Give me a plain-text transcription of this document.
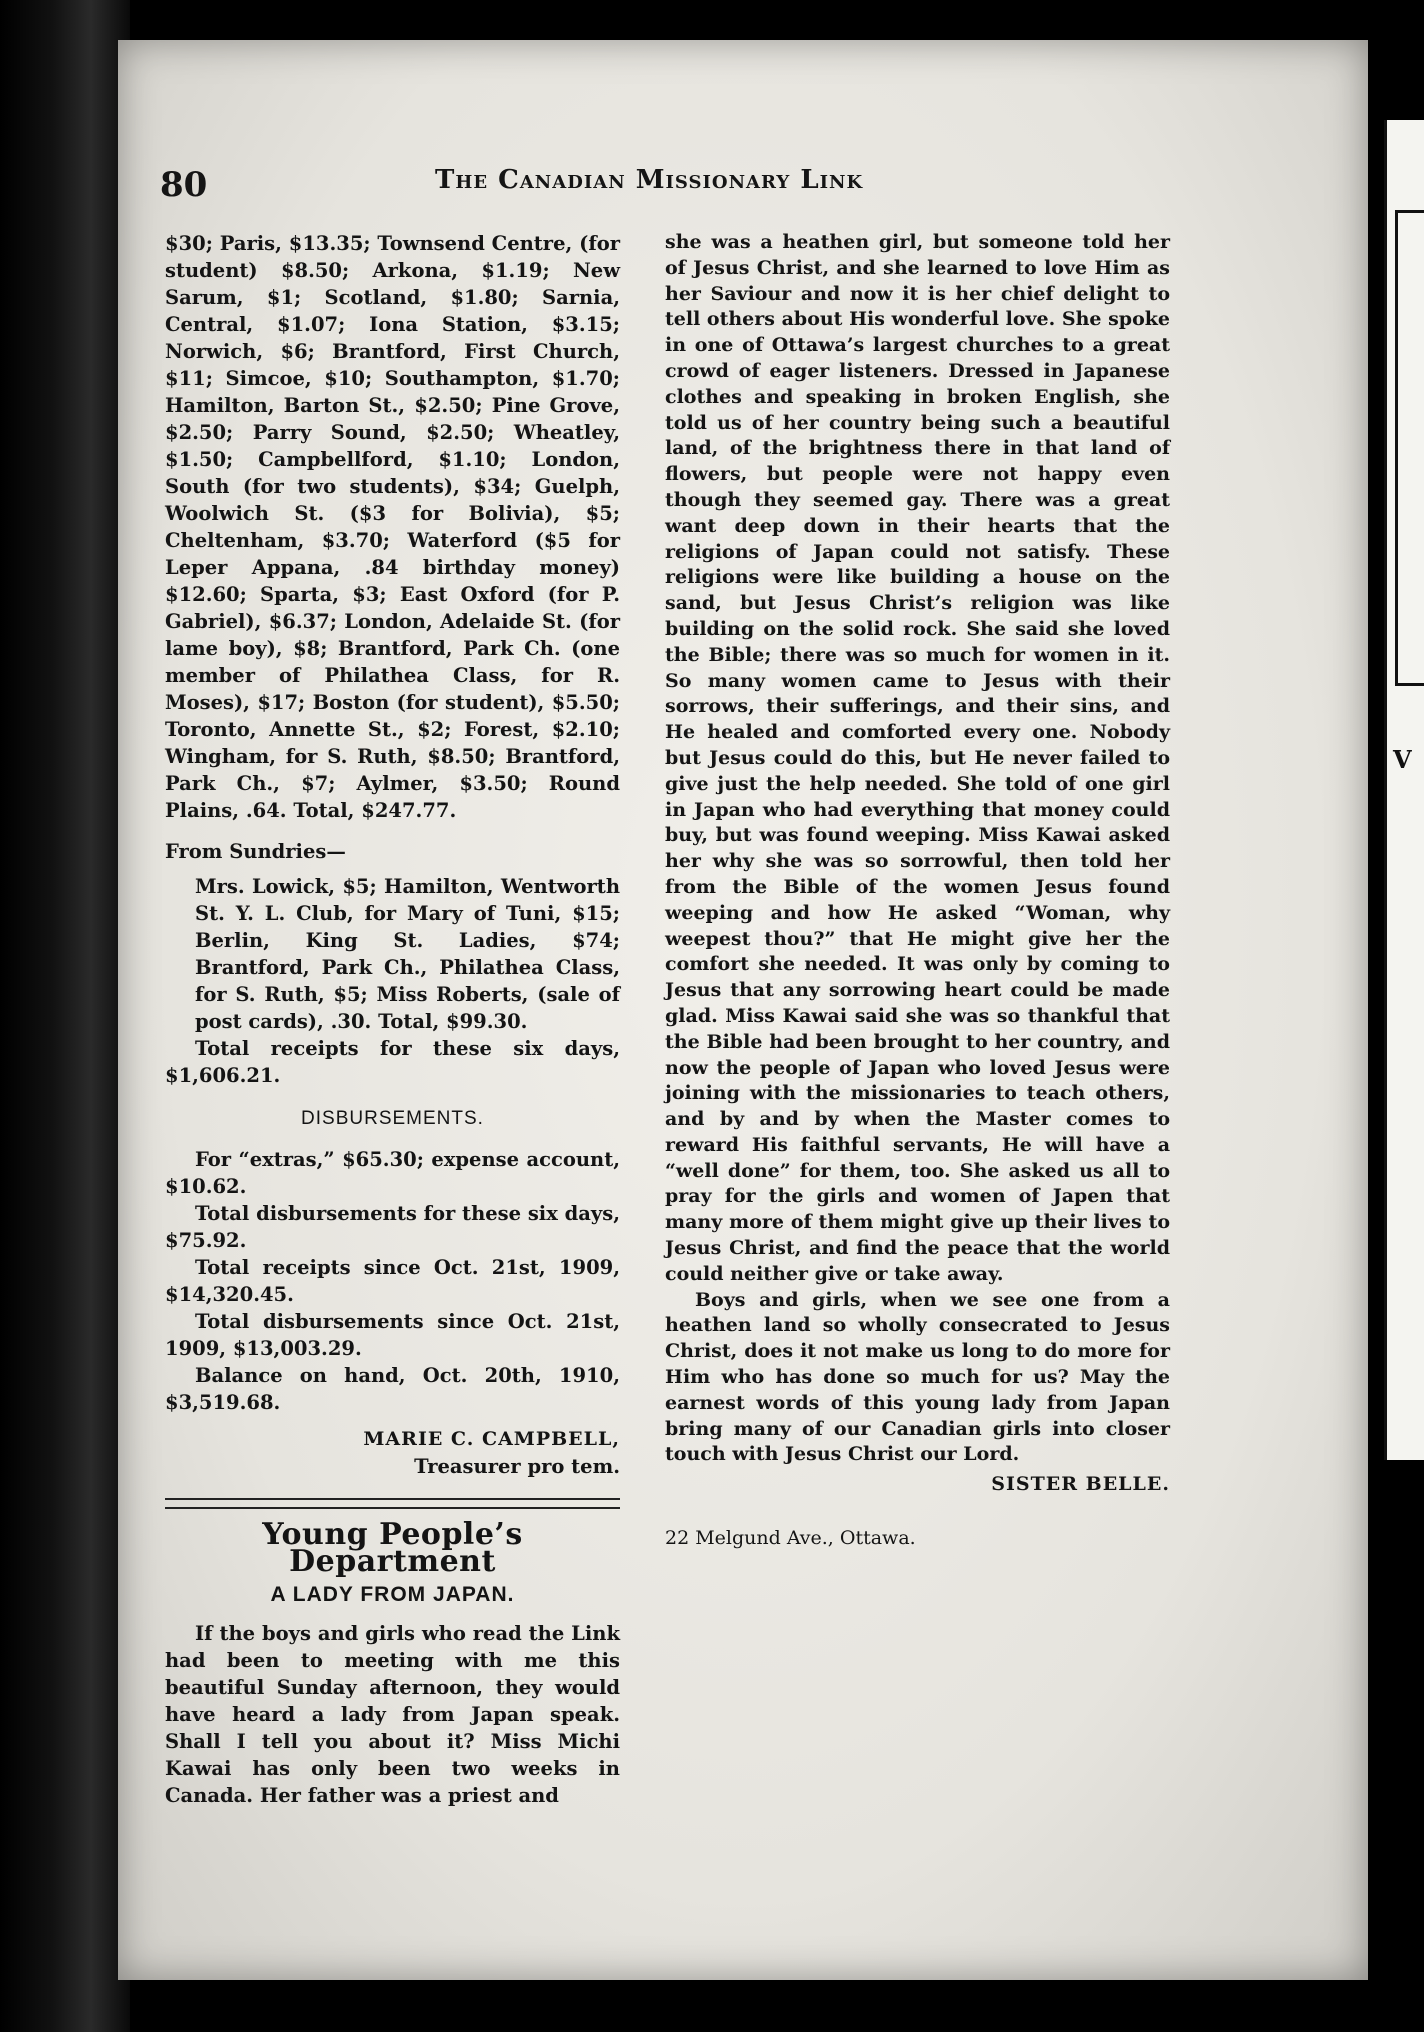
V
80	The Canadian Missionary Link

$30; Paris, $13.35; Townsend Centre, (for student) $8.50; Arkona, $1.19; New Sarum, $1; Scotland, $1.80; Sarnia, Central, $1.07; Iona Station, $3.15; Norwich, $6; Brantford, First Church, $11; Simcoe, $10; Southampton, $1.70; Hamilton, Barton St., $2.50; Pine Grove, $2.50; Parry Sound, $2.50; Wheatley, $1.50; Campbellford, $1.10; London, South (for two students), $34; Guelph, Woolwich St. ($3 for Bolivia), $5; Cheltenham, $3.70; Waterford ($5 for Leper Appana, .84 birthday money) $12.60; Sparta, $3; East Oxford (for P. Gabriel), $6.37; London, Adelaide St. (for lame boy), $8; Brantford, Park Ch. (one member of Philathea Class, for R. Moses), $17; Boston (for student), $5.50; Toronto, Annette St., $2; Forest, $2.10; Wingham, for S. Ruth, $8.50; Brantford, Park Ch., $7; Aylmer, $3.50; Round Plains, .64. Total, $247.77.

From Sundries—

Mrs. Lowick, $5; Hamilton, Wentworth St. Y. L. Club, for Mary of Tuni, $15; Berlin, King St. Ladies, $74; Brantford, Park Ch., Philathea Class, for S. Ruth, $5; Miss Roberts, (sale of post cards), .30. Total, $99.30.

Total receipts for these six days, $1,606.21.

DISBURSEMENTS.

For “extras,” $65.30; expense account, $10.62.

Total disbursements for these six days, $75.92.

Total receipts since Oct. 21st, 1909, $14,320.45.

Total disbursements since Oct. 21st, 1909, $13,003.29.

Balance on hand, Oct. 20th, 1910, $3,519.68.

MARIE C. CAMPBELL,

Treasurer pro tem.

Young People’s Department

A LADY FROM JAPAN.

If the boys and girls who read the Link had been to meeting with me this beautiful Sunday afternoon, they would have heard a lady from Japan speak. Shall I tell you about it? Miss Michi Kawai has only been two weeks in Canada. Her father was a priest and

she was a heathen girl, but someone told her of Jesus Christ, and she learned to love Him as her Saviour and now it is her chief delight to tell others about His wonderful love. She spoke in one of Ottawa’s largest churches to a great crowd of eager listeners. Dressed in Japanese clothes and speaking in broken English, she told us of her country being such a beautiful land, of the brightness there in that land of flowers, but people were not happy even though they seemed gay. There was a great want deep down in their hearts that the religions of Japan could not satisfy. These religions were like building a house on the sand, but Jesus Christ’s religion was like building on the solid rock. She said she loved the Bible; there was so much for women in it. So many women came to Jesus with their sorrows, their sufferings, and their sins, and He healed and comforted every one. Nobody but Jesus could do this, but He never failed to give just the help needed. She told of one girl in Japan who had everything that money could buy, but was found weeping. Miss Kawai asked her why she was so sorrowful, then told her from the Bible of the women Jesus found weeping and how He asked “Woman, why weepest thou?” that He might give her the comfort she needed. It was only by coming to Jesus that any sorrowing heart could be made glad. Miss Kawai said she was so thankful that the Bible had been brought to her country, and now the people of Japan who loved Jesus were joining with the missionaries to teach others, and by and by when the Master comes to reward His faithful servants, He will have a “well done” for them, too. She asked us all to pray for the girls and women of Japen that many more of them might give up their lives to Jesus Christ, and find the peace that the world could neither give or take away.

Boys and girls, when we see one from a heathen land so wholly consecrated to Jesus Christ, does it not make us long to do more for Him who has done so much for us? May the earnest words of this young lady from Japan bring many of our Canadian girls into closer touch with Jesus Christ our Lord.

SISTER BELLE.

22 Melgund Ave., Ottawa.
